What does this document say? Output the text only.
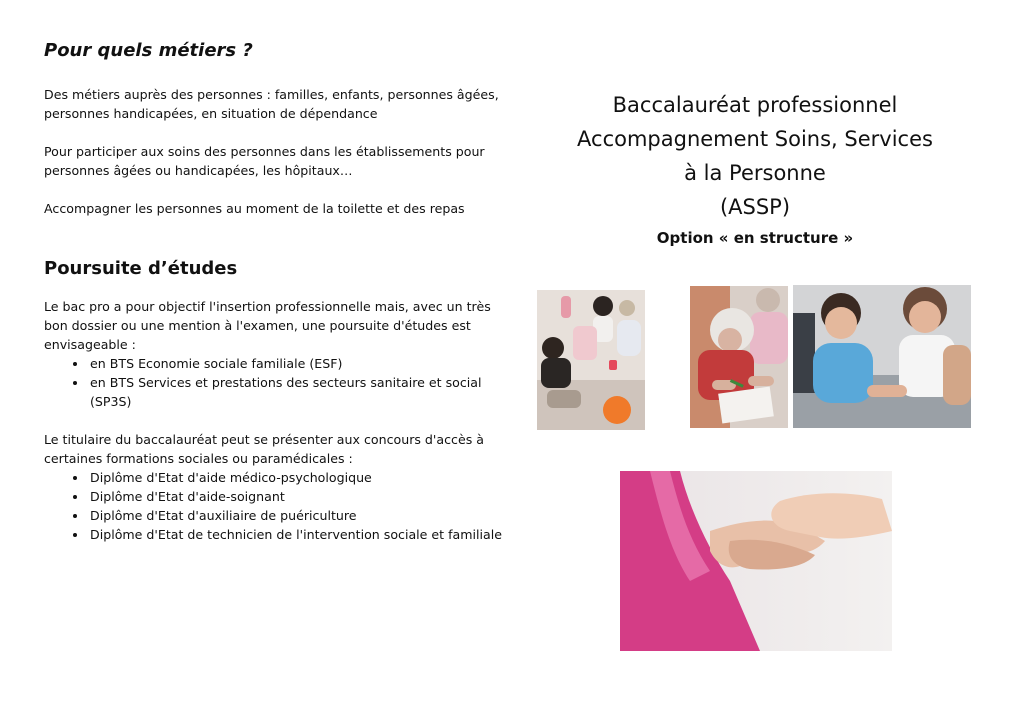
Pour quels métiers ?

Des métiers auprès des personnes : familles, enfants, personnes âgées, personnes handicapées, en situation de dépendance

Pour participer aux soins des personnes dans les établissements pour personnes âgées ou handicapées, les hôpitaux…

Accompagner les personnes au moment de la toilette et des repas

Poursuite d’études

Le bac pro a pour objectif l'insertion professionnelle mais, avec un très bon dossier ou une mention à l'examen, une poursuite d'études est envisageable :

• en BTS Economie sociale familiale (ESF)
• en BTS Services et prestations des secteurs sanitaire et social (SP3S)

Le titulaire du baccalauréat peut se présenter aux concours d'accès à certaines formations sociales ou paramédicales :

• Diplôme d'Etat d'aide médico-psychologique
• Diplôme d'Etat d'aide-soignant
• Diplôme d'Etat d'auxiliaire de puériculture
• Diplôme d'Etat de technicien de l'intervention sociale et familiale
Baccalauréat professionnel
Accompagnement Soins, Services
à la Personne
(ASSP)
Option « en structure »
